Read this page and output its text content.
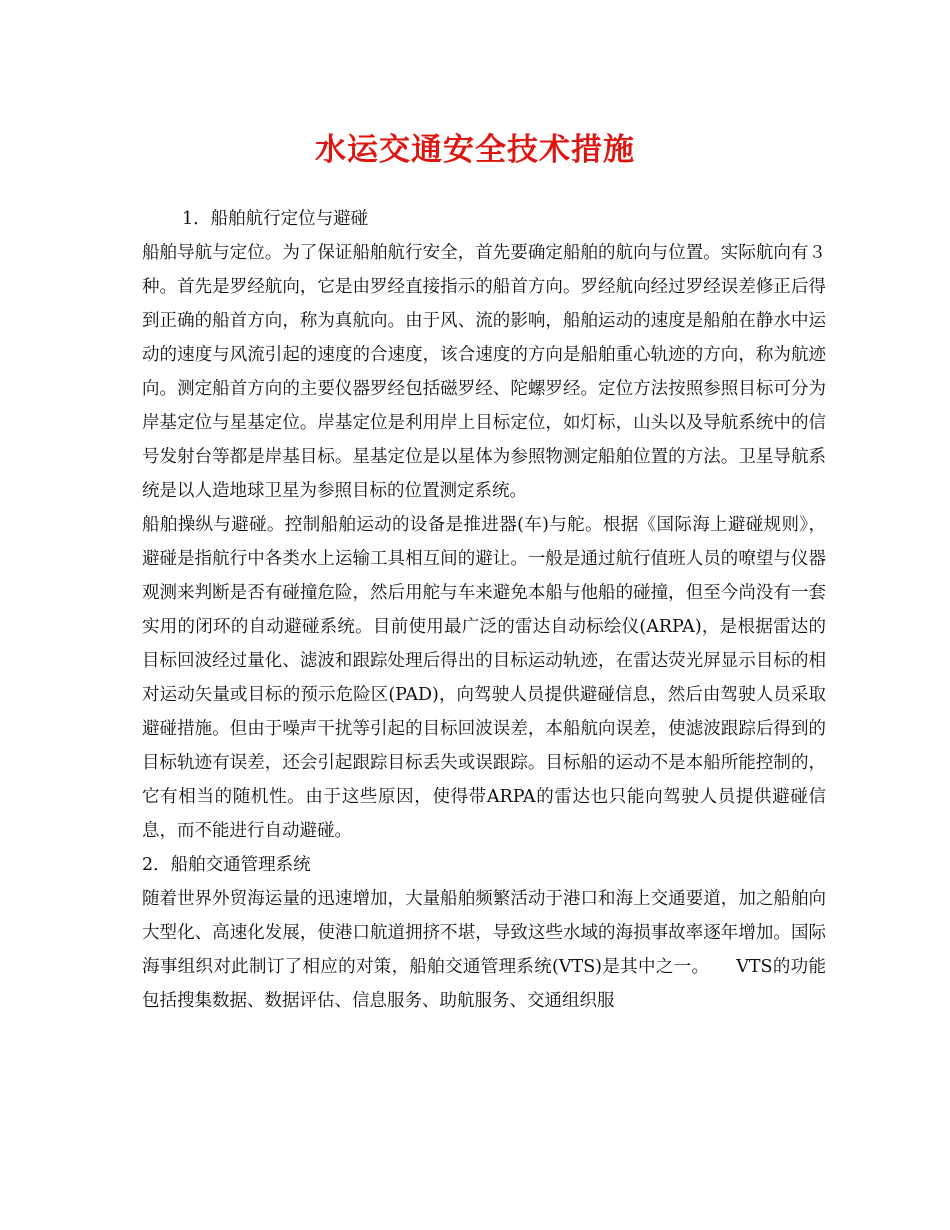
水运交通安全技术措施

1．船舶航行定位与避碰

船舶导航与定位。为了保证船舶航行安全，首先要确定船舶的航向与位置。实际航向有３种。首先是罗经航向，它是由罗经直接指示的船首方向。罗经航向经过罗经误差修正后得到正确的船首方向，称为真航向。由于风、流的影响，船舶运动的速度是船舶在静水中运动的速度与风流引起的速度的合速度，该合速度的方向是船舶重心轨迹的方向，称为航迹向。测定船首方向的主要仪器罗经包括磁罗经、陀螺罗经。定位方法按照参照目标可分为岸基定位与星基定位。岸基定位是利用岸上目标定位，如灯标，山头以及导航系统中的信号发射台等都是岸基目标。星基定位是以星体为参照物测定船舶位置的方法。卫星导航系统是以人造地球卫星为参照目标的位置测定系统。

船舶操纵与避碰。控制船舶运动的设备是推进器(车)与舵。根据《国际海上避碰规则》，避碰是指航行中各类水上运输工具相互间的避让。一般是通过航行值班人员的嘹望与仪器观测来判断是否有碰撞危险，然后用舵与车来避免本船与他船的碰撞，但至今尚没有一套实用的闭环的自动避碰系统。目前使用最广泛的雷达自动标绘仪(ARPA)，是根据雷达的目标回波经过量化、滤波和跟踪处理后得出的目标运动轨迹，在雷达荧光屏显示目标的相对运动矢量或目标的预示危险区(PAD)，向驾驶人员提供避碰信息，然后由驾驶人员采取避碰措施。但由于噪声干扰等引起的目标回波误差，本船航向误差，使滤波跟踪后得到的目标轨迹有误差，还会引起跟踪目标丢失或误跟踪。目标船的运动不是本船所能控制的，它有相当的随机性。由于这些原因，使得带ARPA的雷达也只能向驾驶人员提供避碰信息，而不能进行自动避碰。

2．船舶交通管理系统

随着世界外贸海运量的迅速增加，大量船舶频繁活动于港口和海上交通要道，加之船舶向大型化、高速化发展，使港口航道拥挤不堪，导致这些水域的海损事故率逐年增加。国际海事组织对此制订了相应的对策，船舶交通管理系统(VTS)是其中之一。　　VTS的功能包括搜集数据、数据评估、信息服务、助航服务、交通组织服
